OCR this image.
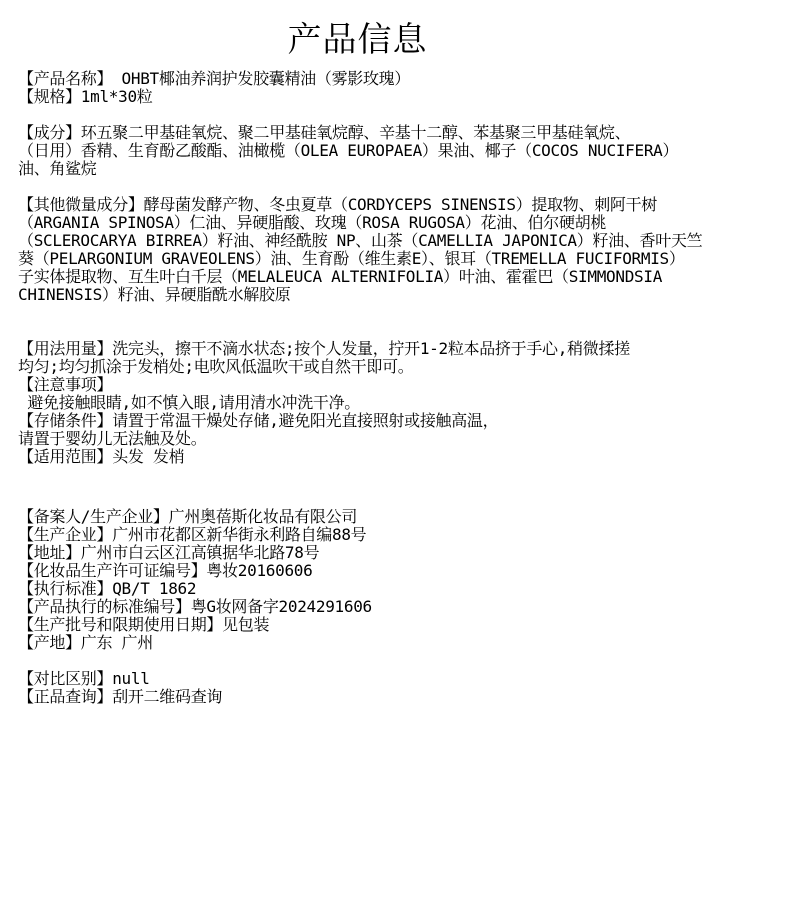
产品信息
【产品名称】 OHBT椰油养润护发胶囊精油（雾影玫瑰）
【规格】1ml*30粒
【成分】环五聚二甲基硅氧烷、聚二甲基硅氧烷醇、辛基十二醇、苯基聚三甲基硅氧烷、
（日用）香精、生育酚乙酸酯、油橄榄（OLEA EUROPAEA）果油、椰子（COCOS NUCIFERA）
油、角鲨烷
【其他微量成分】酵母菌发酵产物、冬虫夏草（CORDYCEPS SINENSIS）提取物、刺阿干树
（ARGANIA SPINOSA）仁油、异硬脂酸、玫瑰（ROSA RUGOSA）花油、伯尔硬胡桃
（SCLEROCARYA BIRREA）籽油、神经酰胺 NP、山茶（CAMELLIA JAPONICA）籽油、香叶天竺
葵（PELARGONIUM GRAVEOLENS）油、生育酚（维生素E）、银耳（TREMELLA FUCIFORMIS）
子实体提取物、互生叶白千层（MELALEUCA ALTERNIFOLIA）叶油、霍霍巴（SIMMONDSIA
CHINENSIS）籽油、异硬脂酰水解胶原
【用法用量】洗完头，擦干不滴水状态;按个人发量，拧开1-2粒本品挤于手心,稍微揉搓
均匀;均匀抓涂于发梢处;电吹风低温吹干或自然干即可。
【注意事项】
避免接触眼睛,如不慎入眼,请用清水冲洗干净。
【存储条件】请置于常温干燥处存储,避免阳光直接照射或接触高温，
请置于婴幼儿无法触及处。
【适用范围】头发 发梢
【备案人/生产企业】广州奥蓓斯化妆品有限公司
【生产企业】广州市花都区新华街永利路自编88号
【地址】广州市白云区江高镇据华北路78号
【化妆品生产许可证编号】粤妆20160606
【执行标准】QB/T 1862
【产品执行的标准编号】粤G妆网备字2024291606
【生产批号和限期使用日期】见包装
【产地】广东 广州
【对比区别】null
【正品查询】刮开二维码查询
